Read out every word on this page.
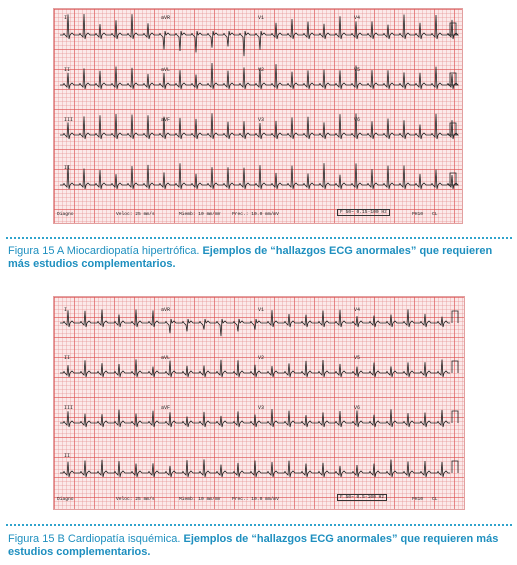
I	aVR	V1	V4
II	aVL	V2	V5
III	aVF	V3	V6
II
Diagno	Veloc: 25 mm/s	Miemb: 10 mm/mV	Prec.: 10.0 mm/mV	F 50~ 0.15-100 Hz	PH10 CL
Figura 15 A Miocardiopatía hipertrófica. Ejemplos de “hallazgos ECG anormales” que requieren más estudios complementarios.
I	aVR	V1	V4
II	aVL	V2	V5
III	aVF	V3	V6
II
Diagno	Veloc: 25 mm/s	Miemb: 10 mm/mV	Prec.: 10.0 mm/mV	F 50~ 0.5-100 Hz	PH10 CL
Figura 15 B Cardiopatía isquémica. Ejemplos de “hallazgos ECG anormales” que requieren más estudios complementarios.
